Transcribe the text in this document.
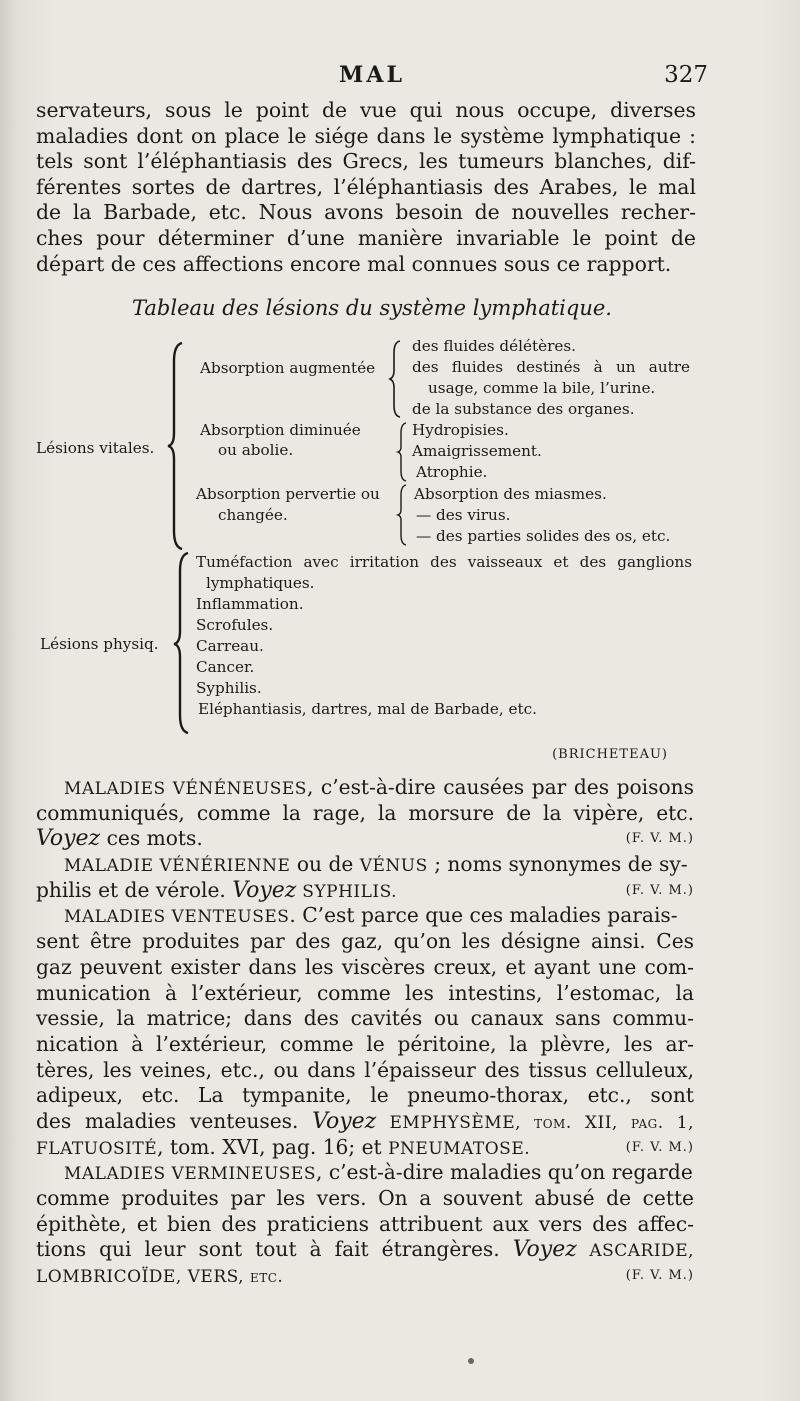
MAL	327
servateurs, sous le point de vue qui nous occupe, diverses
maladies dont on place le siége dans le système lymphatique :
tels sont l’éléphantiasis des Grecs, les tumeurs blanches, dif-
férentes sortes de dartres, l’éléphantiasis des Arabes, le mal
de la Barbade, etc. Nous avons besoin de nouvelles recher-
ches pour déterminer d’une manière invariable le point de
départ de ces affections encore mal connues sous ce rapport.
Tableau des lésions du système lymphatique.
Lésions vitales.
Absorption augmentée
des fluides délétères.
des fluides destinés à un autre
usage, comme la bile, l’urine.
de la substance des organes.
Absorption diminuée
ou abolie.
Hydropisies.
Amaigrissement.
Atrophie.
Absorption pervertie ou
changée.
Absorption des miasmes.
— des virus.
— des parties solides des os, etc.
Lésions physiq.
Tuméfaction avec irritation des vaisseaux et des ganglions
lymphatiques.
Inflammation.
Scrofules.
Carreau.
Cancer.
Syphilis.
Eléphantiasis, dartres, mal de Barbade, etc.
(BRICHETEAU)
MALADIES VÉNÉNEUSES, c’est-à-dire causées par des poisons
communiqués, comme la rage, la morsure de la vipère, etc.
Voyez ces mots.	(F. V. M.)
MALADIE VÉNÉRIENNE ou de VÉNUS ; noms synonymes de sy-
philis et de vérole. Voyez SYPHILIS.	(F. V. M.)
MALADIES VENTEUSES. C’est parce que ces maladies parais-
sent être produites par des gaz, qu’on les désigne ainsi. Ces
gaz peuvent exister dans les viscères creux, et ayant une com-
munication à l’extérieur, comme les intestins, l’estomac, la
vessie, la matrice; dans des cavités ou canaux sans commu-
nication à l’extérieur, comme le péritoine, la plèvre, les ar-
tères, les veines, etc., ou dans l’épaisseur des tissus celluleux,
adipeux, etc. La tympanite, le pneumo-thorax, etc., sont
des maladies venteuses. Voyez EMPHYSÈME, tom. XII, pag. 1,
FLATUOSITÉ, tom. XVI, pag. 16; et PNEUMATOSE.	(F. V. M.)
MALADIES VERMINEUSES, c’est-à-dire maladies qu’on regarde
comme produites par les vers. On a souvent abusé de cette
épithète, et bien des praticiens attribuent aux vers des affec-
tions qui leur sont tout à fait étrangères. Voyez ASCARIDE,
LOMBRICOÏDE, VERS, etc.	(F. V. M.)
